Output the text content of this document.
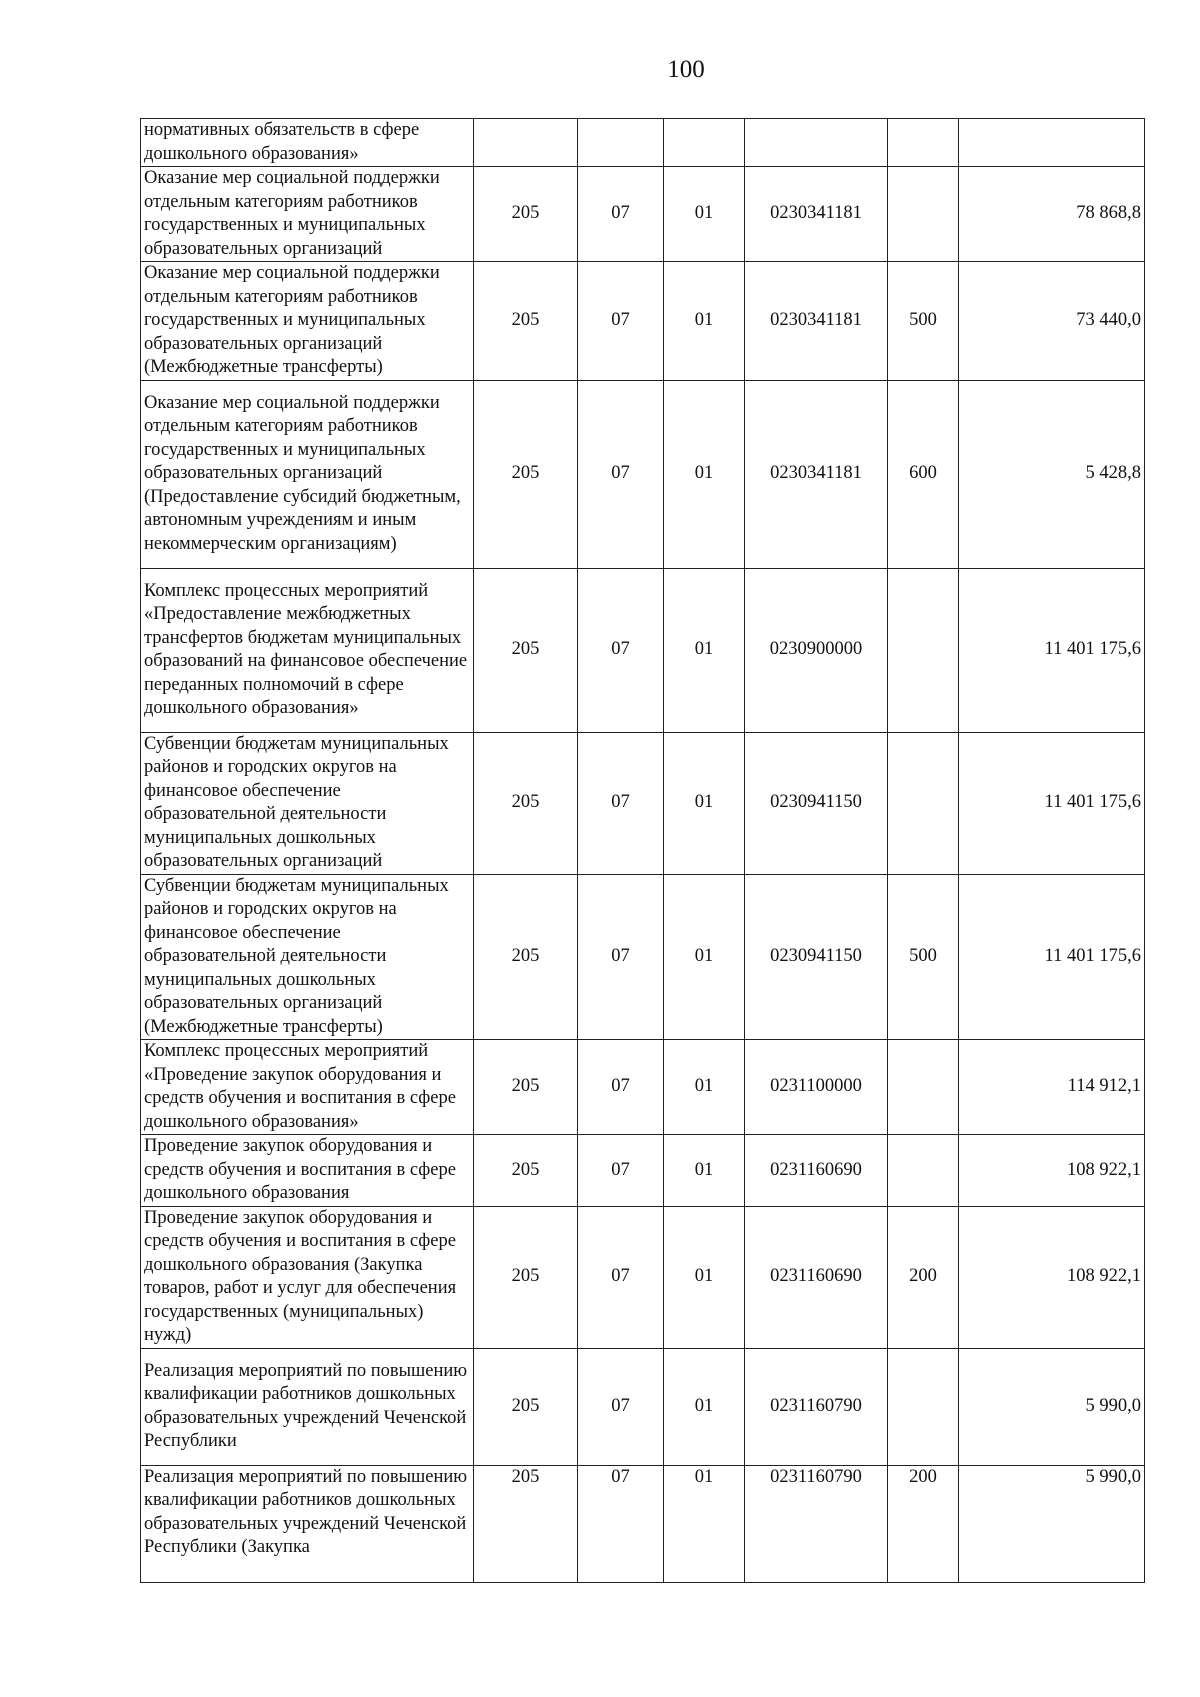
100
нормативных обязательств в сфере дошкольного образования»						
Оказание мер социальной поддержки отдельным категориям работников государственных и муниципальных образовательных организаций	205	07	01	0230341181		78 868,8
Оказание мер социальной поддержки отдельным категориям работников государственных и муниципальных образовательных организаций (Межбюджетные трансферты)	205	07	01	0230341181	500	73 440,0
Оказание мер социальной поддержки отдельным категориям работников государственных и муниципальных образовательных организаций (Предоставление субсидий бюджетным, автономным учреждениям и иным некоммерческим организациям)	205	07	01	0230341181	600	5 428,8
Комплекс процессных мероприятий «Предоставление межбюджетных трансфертов бюджетам муниципальных образований на финансовое обеспечение переданных полномочий в сфере дошкольного образования»	205	07	01	0230900000		11 401 175,6
Субвенции бюджетам муниципальных районов и городских округов на финансовое обеспечение образовательной деятельности муниципальных дошкольных образовательных организаций	205	07	01	0230941150		11 401 175,6
Субвенции бюджетам муниципальных районов и городских округов на финансовое обеспечение образовательной деятельности муниципальных дошкольных образовательных организаций (Межбюджетные трансферты)	205	07	01	0230941150	500	11 401 175,6
Комплекс процессных мероприятий «Проведение закупок оборудования и средств обучения и воспитания в сфере дошкольного образования»	205	07	01	0231100000		114 912,1
Проведение закупок оборудования и средств обучения и воспитания в сфере дошкольного образования	205	07	01	0231160690		108 922,1
Проведение закупок оборудования и средств обучения и воспитания в сфере дошкольного образования (Закупка товаров, работ и услуг для обеспечения государственных (муниципальных) нужд)	205	07	01	0231160690	200	108 922,1
Реализация мероприятий по повышению квалификации работников дошкольных образовательных учреждений Чеченской Республики	205	07	01	0231160790		5 990,0
Реализация мероприятий по повышению квалификации работников дошкольных образовательных учреждений Чеченской Республики (Закупка	205	07	01	0231160790	200	5 990,0
